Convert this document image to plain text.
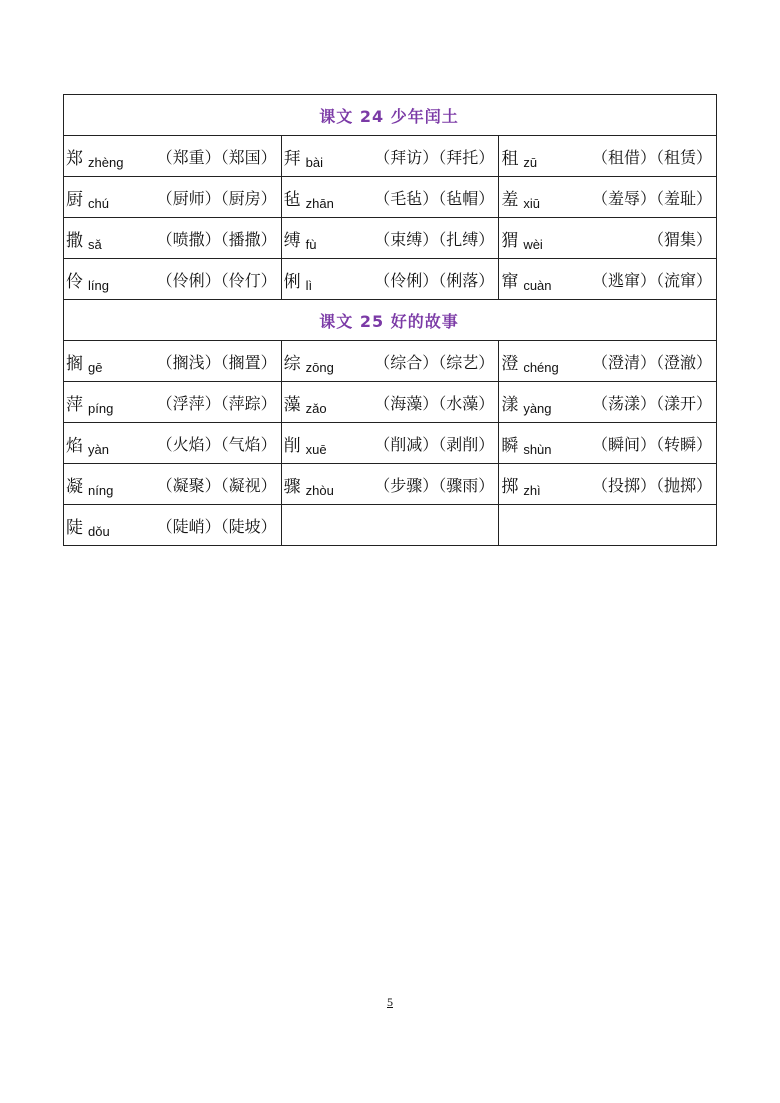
课文 24 少年闰土		

郑 zhèng （郑重）（郑国）	拜 bài （拜访）（拜托）	租 zū （租借）（租赁）

厨 chú （厨师）（厨房）	毡 zhān （毛毡）（毡帽）	羞 xiū （羞辱）（羞耻）

撒 sǎ （喷撒）（播撒）	缚 fù （束缚）（扎缚）	猬 wèi （猬集）

伶 líng （伶俐）（伶仃）	俐 lì （伶俐）（俐落）	窜 cuàn （逃窜）（流窜）

课文 25 好的故事		

搁 gē （搁浅）（搁置）	综 zōng （综合）（综艺）	澄 chéng （澄清）（澄澈）

萍 píng （浮萍）（萍踪）	藻 zǎo （海藻）（水藻）	漾 yàng （荡漾）（漾开）

焰 yàn （火焰）（气焰）	削 xuē （削减）（剥削）	瞬 shùn （瞬间）（转瞬）

凝 níng （凝聚）（凝视）	骤 zhòu （步骤）（骤雨）	掷 zhì （投掷）（抛掷）

陡 dǒu （陡峭）（陡坡）		

5
